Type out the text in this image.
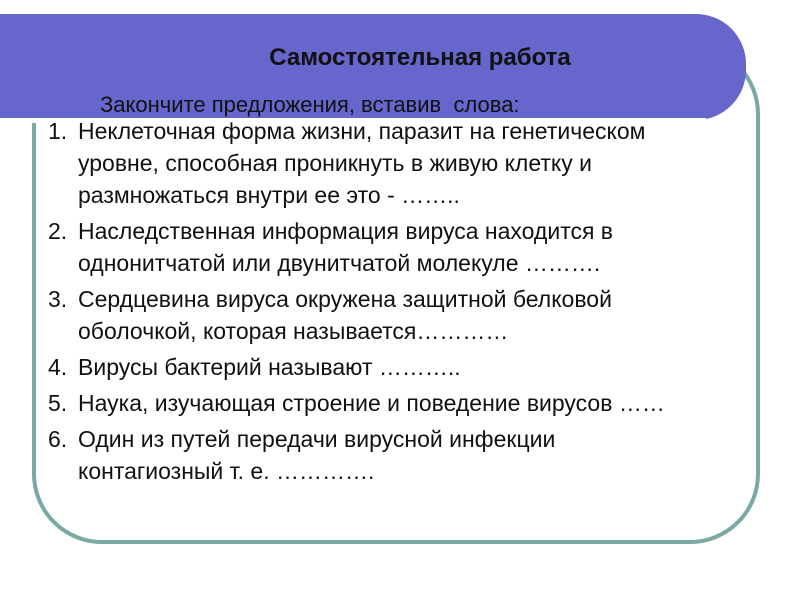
Самостоятельная работа
Закончите предложения, вставив  слова:
1. Неклеточная форма жизни, паразит на генетическом
уровне, способная проникнуть в живую клетку и
размножаться внутри ее это - ……..
2. Наследственная информация вируса находится в
однонитчатой или двунитчатой молекуле ……….
3. Сердцевина вируса окружена защитной белковой
оболочкой, которая называется…………
4. Вирусы бактерий называют ………..
5. Наука, изучающая строение и поведение вирусов ……
6. Один из путей передачи вирусной инфекции
контагиозный т. е. ………….
